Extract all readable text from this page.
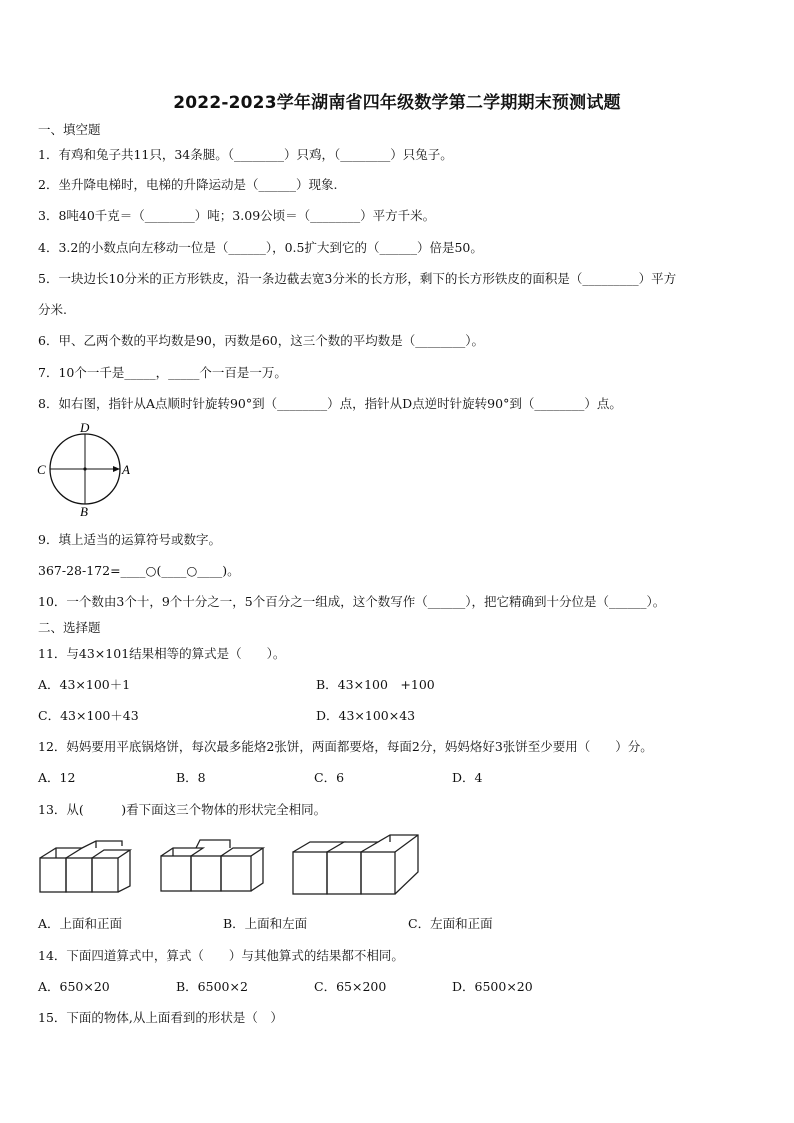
2022-2023学年湖南省四年级数学第二学期期末预测试题
一、填空题
1．有鸡和兔子共11只，34条腿。（________）只鸡，（________）只兔子。
2．坐升降电梯时，电梯的升降运动是（______）现象.
3．8吨40千克＝（________）吨；3.09公顷＝（________）平方千米。
4．3.2的小数点向左移动一位是（______），0.5扩大到它的（______）倍是50。
5．一块边长10分米的正方形铁皮，沿一条边截去宽3分米的长方形，剩下的长方形铁皮的面积是（_________）平方
分米.
6．甲、乙两个数的平均数是90，丙数是60，这三个数的平均数是（________）。
7．10个一千是_____，_____个一百是一万。
8．如右图，指针从A点顺时针旋转90°到（________）点，指针从D点逆时针旋转90°到（________）点。
D
C	A
B
9．填上适当的运算符号或数字。
367-28-172=____○(____○____)。
10．一个数由3个十，9个十分之一，5个百分之一组成，这个数写作（______），把它精确到十分位是（______）。
二、选择题
11．与43×101结果相等的算式是（　　）。
A．43×100＋1	B．43×100　+100
C．43×100＋43	D．43×100×43
12．妈妈要用平底锅烙饼，每次最多能烙2张饼，两面都要烙，每面2分，妈妈烙好3张饼至少要用（　　）分。
A．12	B．8	C．6	D．4
13．从(　　　)看下面这三个物体的形状完全相同。
A．上面和正面	B．上面和左面	C．左面和正面
14．下面四道算式中，算式（　　）与其他算式的结果都不相同。
A．650×20	B．6500×2	C．65×200	D．6500×20
15．下面的物体,从上面看到的形状是（　）
